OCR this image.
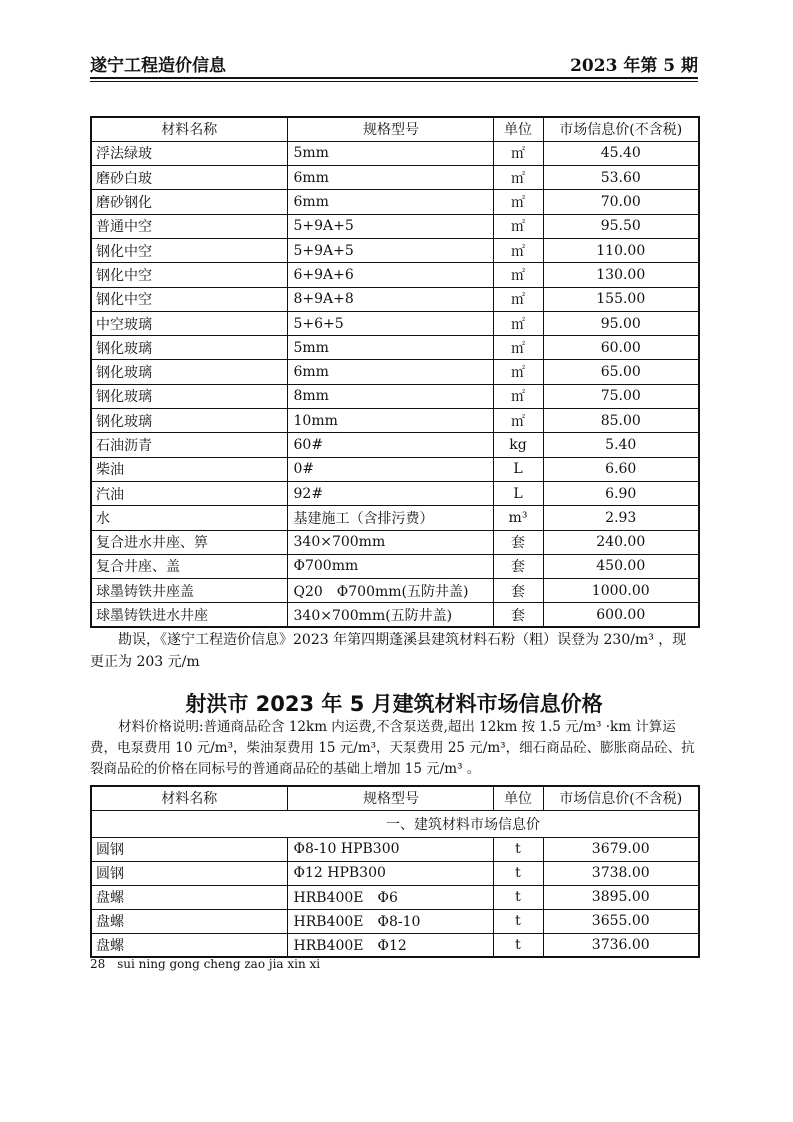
遂宁工程造价信息	2023 年第 5 期
材料名称	规格型号	单位	市场信息价(不含税)
浮法绿玻	5mm	㎡	45.40
磨砂白玻	6mm	㎡	53.60
磨砂钢化	6mm	㎡	70.00
普通中空	5+9A+5	㎡	95.50
钢化中空	5+9A+5	㎡	110.00
钢化中空	6+9A+6	㎡	130.00
钢化中空	8+9A+8	㎡	155.00
中空玻璃	5+6+5	㎡	95.00
钢化玻璃	5mm	㎡	60.00
钢化玻璃	6mm	㎡	65.00
钢化玻璃	8mm	㎡	75.00
钢化玻璃	10mm	㎡	85.00
石油沥青	60#	kg	5.40
柴油	0#	L	6.60
汽油	92#	L	6.90
水	基建施工（含排污费）	m³	2.93
复合进水井座、箅	340×700mm	套	240.00
复合井座、盖	Φ700mm	套	450.00
球墨铸铁井座盖	Q20　Φ700mm(五防井盖)	套	1000.00
球墨铸铁进水井座	340×700mm(五防井盖)	套	600.00

勘误，《遂宁工程造价信息》2023 年第四期蓬溪县建筑材料石粉（粗）误登为 230/m³ ，现更正为 203 元/m

射洪市 2023 年 5 月建筑材料市场信息价格

材料价格说明:普通商品砼含 12km 内运费,不含泵送费,超出 12km 按 1.5 元/m³ ·km 计算运费，电泵费用 10 元/m³，柴油泵费用 15 元/m³，天泵费用 25 元/m³，细石商品砼、膨胀商品砼、抗裂商品砼的价格在同标号的普通商品砼的基础上增加 15 元/m³ 。

材料名称	规格型号	单位	市场信息价(不含税)
一、建筑材料市场信息价			
圆钢	Φ8-10 HPB300	t	3679.00
圆钢	Φ12 HPB300	t	3738.00
盘螺	HRB400E　Φ6	t	3895.00
盘螺	HRB400E　Φ8-10	t	3655.00
盘螺	HRB400E　Φ12	t	3736.00
28 sui ning gong cheng zao jia xin xi
